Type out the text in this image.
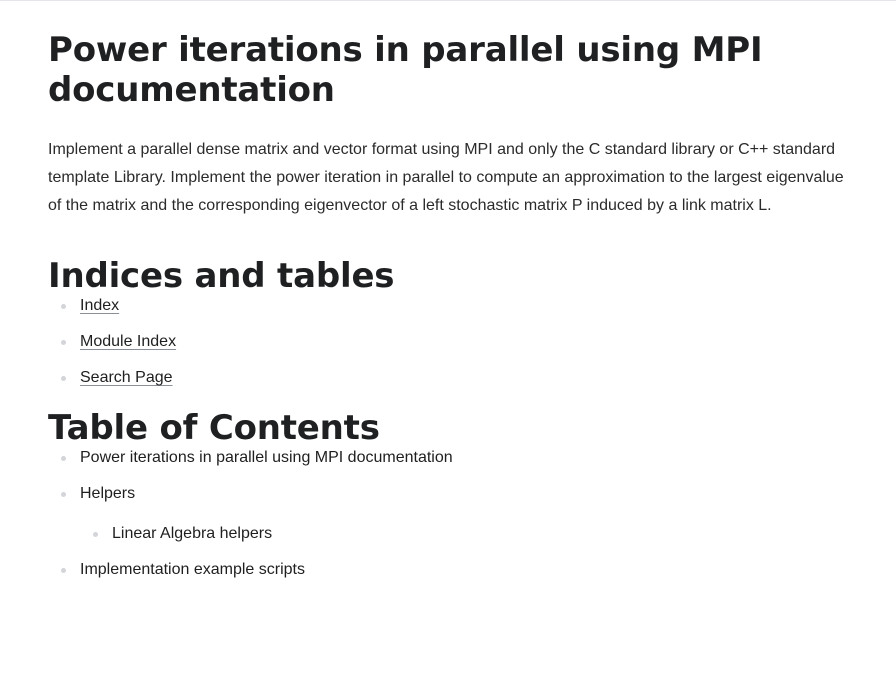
Power iterations in parallel using MPI documentation

Implement a parallel dense matrix and vector format using MPI and only the C standard library or C++ standard template Library. Implement the power iteration in parallel to compute an approximation to the largest eigenvalue of the matrix and the corresponding eigenvector of a left stochastic matrix P induced by a link matrix L.

Indices and tables
Index
Module Index
Search Page
Table of Contents
Power iterations in parallel using MPI documentation
Helpers
Linear Algebra helpers
Implementation example scripts
